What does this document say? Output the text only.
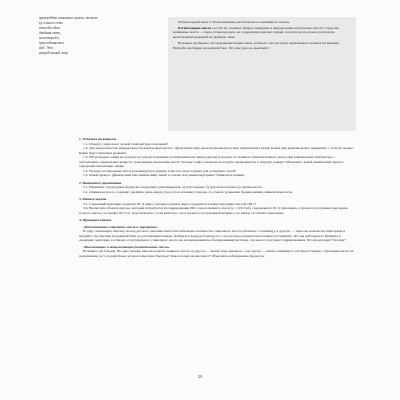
произойдет изменение цвета, посколь-
ку в масле есть
хотя бы одна
двойная связь,
на которой и
присоединяется
йод. Это
непредельный жир

Лабораторный опыт 2 «Распознавание растительного и машинного масел».

Растительные масла состоят из сложных эфиров глицерина и непредельных карбоновых кислот, тогда как машинные масла — смесь углеводородов, не содержащих кратных связей, поэтому масла можно распознать качественной реакцией на двойную связь.

Возьмите пробирки с исследуемыми жидкостями, добавьте 1 мл раствора перманганата калия и встряхните. Нагрейте пробирки на водяной бане. Что вам удалось выяснить?

1. Ответьте на вопросы.

1.1. Почему у жиров нет четкой температуры плавления?

1.2. Для доказательства непредельности карбоновых кислот, образующих жир, вы использовали раствор перманганата калия. Какой еще реактив можно применить с этой же целью? Какие будут признаки реакции?

1.3. Натуральную олифу (используется для изготовления и разбавления масляных красок) получают из льняного или конопляного масла при повышенной температуре с добавлением специальных веществ, ускоряющих высыхание масла. Почему олифа, высыхая на воздухе, превращается в твердую пленку? Объясните, какой химический процесс определяет высыхание олифы.

1.4. Почему растительные масла рекомендуется хранить в местах, недоступных для солнечных лучей?

1.5. Какой процесс (физический или химический) лежит в основе получения маргарина? Приведите пример.

2. Выполните упражнения.

2.1. Напишите структурные формулы следующих триглицеридов: а) тристеарина; б) триолеата натрия; в) трилинолеата.

2.2. Оливковое масло содержит двойную связь между 9-м и 10-м атомами углерода. Составьте уравнение бромирования оливковой кислоты.

3. Решите задачи.

3.1. Сливочный маргарин содержит 82 % жира. Сколько граммов жира содержится в пачке маргарина массой 180 г?

3.2. Вычислите объем водорода, который потребуется на гидрирование 200 л подсолнечного масла (ρ = 0,9 г/мл), содержащего 65 % триолеина, в процессе получения маргарина, если его выход составляет 80 % от теоретического, если известно, что в процессе получения маргарина, его выход составляет триолеина.

4. Проведите опыты.

«Распознавание сливочного масла и маргарина».

В одну стеклянную баночку из-под детского питания поместите небольшое количество сливочного масла (объемом с горошину), в другую — такое же количество маргарина и нагрейте обе баночки на водяной бане до расплавления жиров. Добавьте в каждую баночку по 1 мл раствора перманганата калия и встряхните. Что вы наблюдаете? Примите к сведению: маргарин, в отличие от натурального сливочного масла, не должен вызывать обесцвечивания раствора, так как его получают гидрированием. Что происходит? Почему?

«Высыхающие и невысыхающие растительные масла».

Возьмите три блюдца. На одно блюдце нанесите каплю льняного масла, на другое — каплю подсолнечного, а на третье — каплю оливкового. Оставьте блюдца с образцами масел на подоконнике на 5–6 дней. Какое из масел высохнет быстрее? Какое из них не высохнет? Объясните наблюдаемые процессы.

29
